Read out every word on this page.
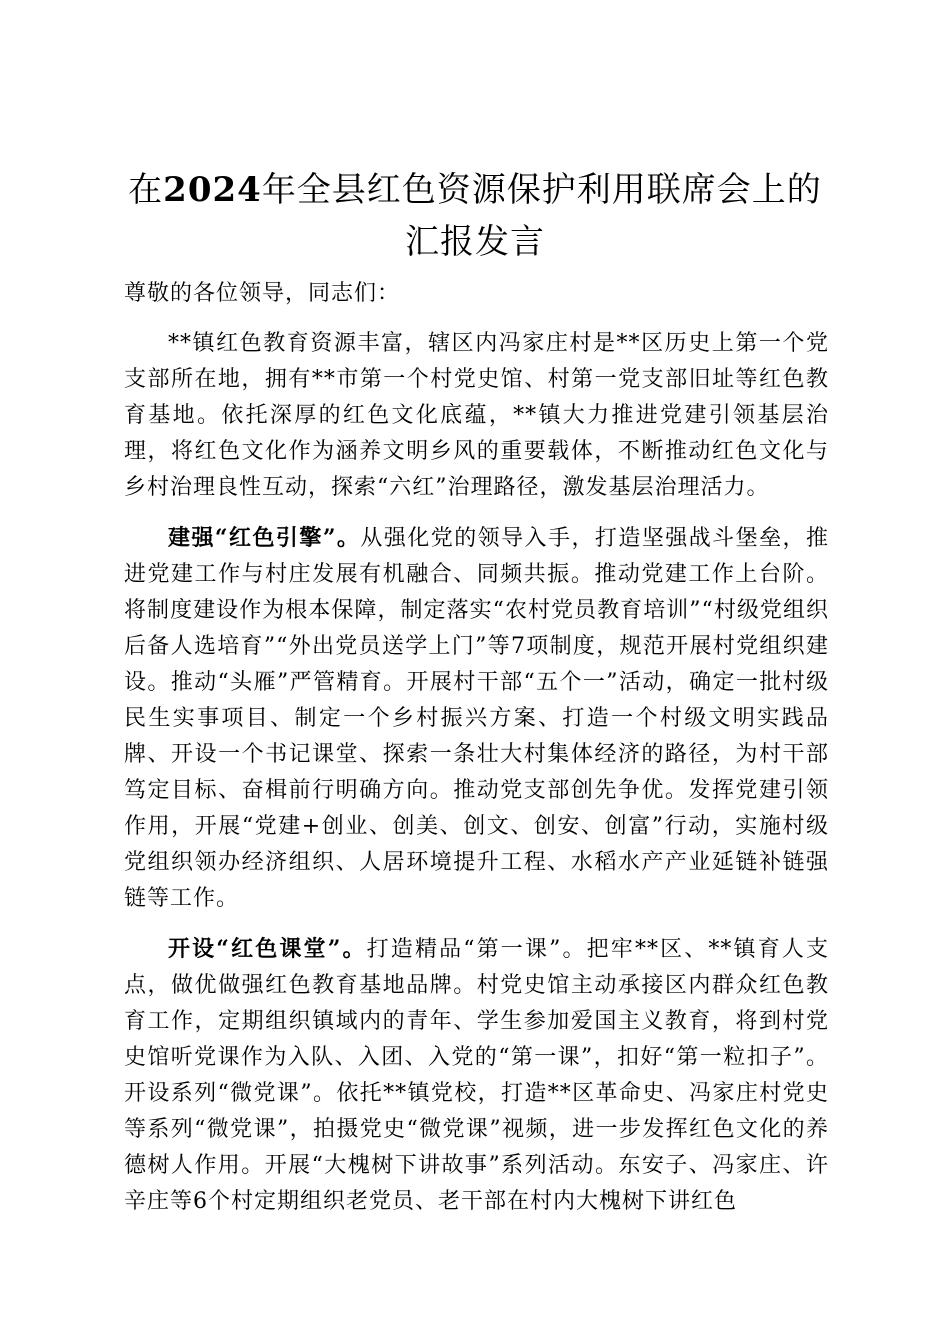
在2024年全县红色资源保护利用联席会上的
汇报发言

尊敬的各位领导，同志们：

**镇红色教育资源丰富，辖区内冯家庄村是**区历史上第一个党支部所在地，拥有**市第一个村党史馆、村第一党支部旧址等红色教育基地。依托深厚的红色文化底蕴，**镇大力推进党建引领基层治理，将红色文化作为涵养文明乡风的重要载体，不断推动红色文化与乡村治理良性互动，探索“六红”治理路径，激发基层治理活力。

建强“红色引擎”。从强化党的领导入手，打造坚强战斗堡垒，推进党建工作与村庄发展有机融合、同频共振。推动党建工作上台阶。将制度建设作为根本保障，制定落实“农村党员教育培训”“村级党组织后备人选培育”“外出党员送学上门”等7项制度，规范开展村党组织建设。推动“头雁”严管精育。开展村干部“五个一”活动，确定一批村级民生实事项目、制定一个乡村振兴方案、打造一个村级文明实践品牌、开设一个书记课堂、探索一条壮大村集体经济的路径，为村干部笃定目标、奋楫前行明确方向。推动党支部创先争优。发挥党建引领作用，开展“党建+创业、创美、创文、创安、创富”行动，实施村级党组织领办经济组织、人居环境提升工程、水稻水产产业延链补链强链等工作。

开设“红色课堂”。打造精品“第一课”。把牢**区、**镇育人支点，做优做强红色教育基地品牌。村党史馆主动承接区内群众红色教育工作，定期组织镇域内的青年、学生参加爱国主义教育，将到村党史馆听党课作为入队、入团、入党的“第一课”，扣好“第一粒扣子”。开设系列“微党课”。依托**镇党校，打造**区革命史、冯家庄村党史等系列“微党课”，拍摄党史“微党课”视频，进一步发挥红色文化的养德树人作用。开展“大槐树下讲故事”系列活动。东安子、冯家庄、许辛庄等6个村定期组织老党员、老干部在村内大槐树下讲红色
